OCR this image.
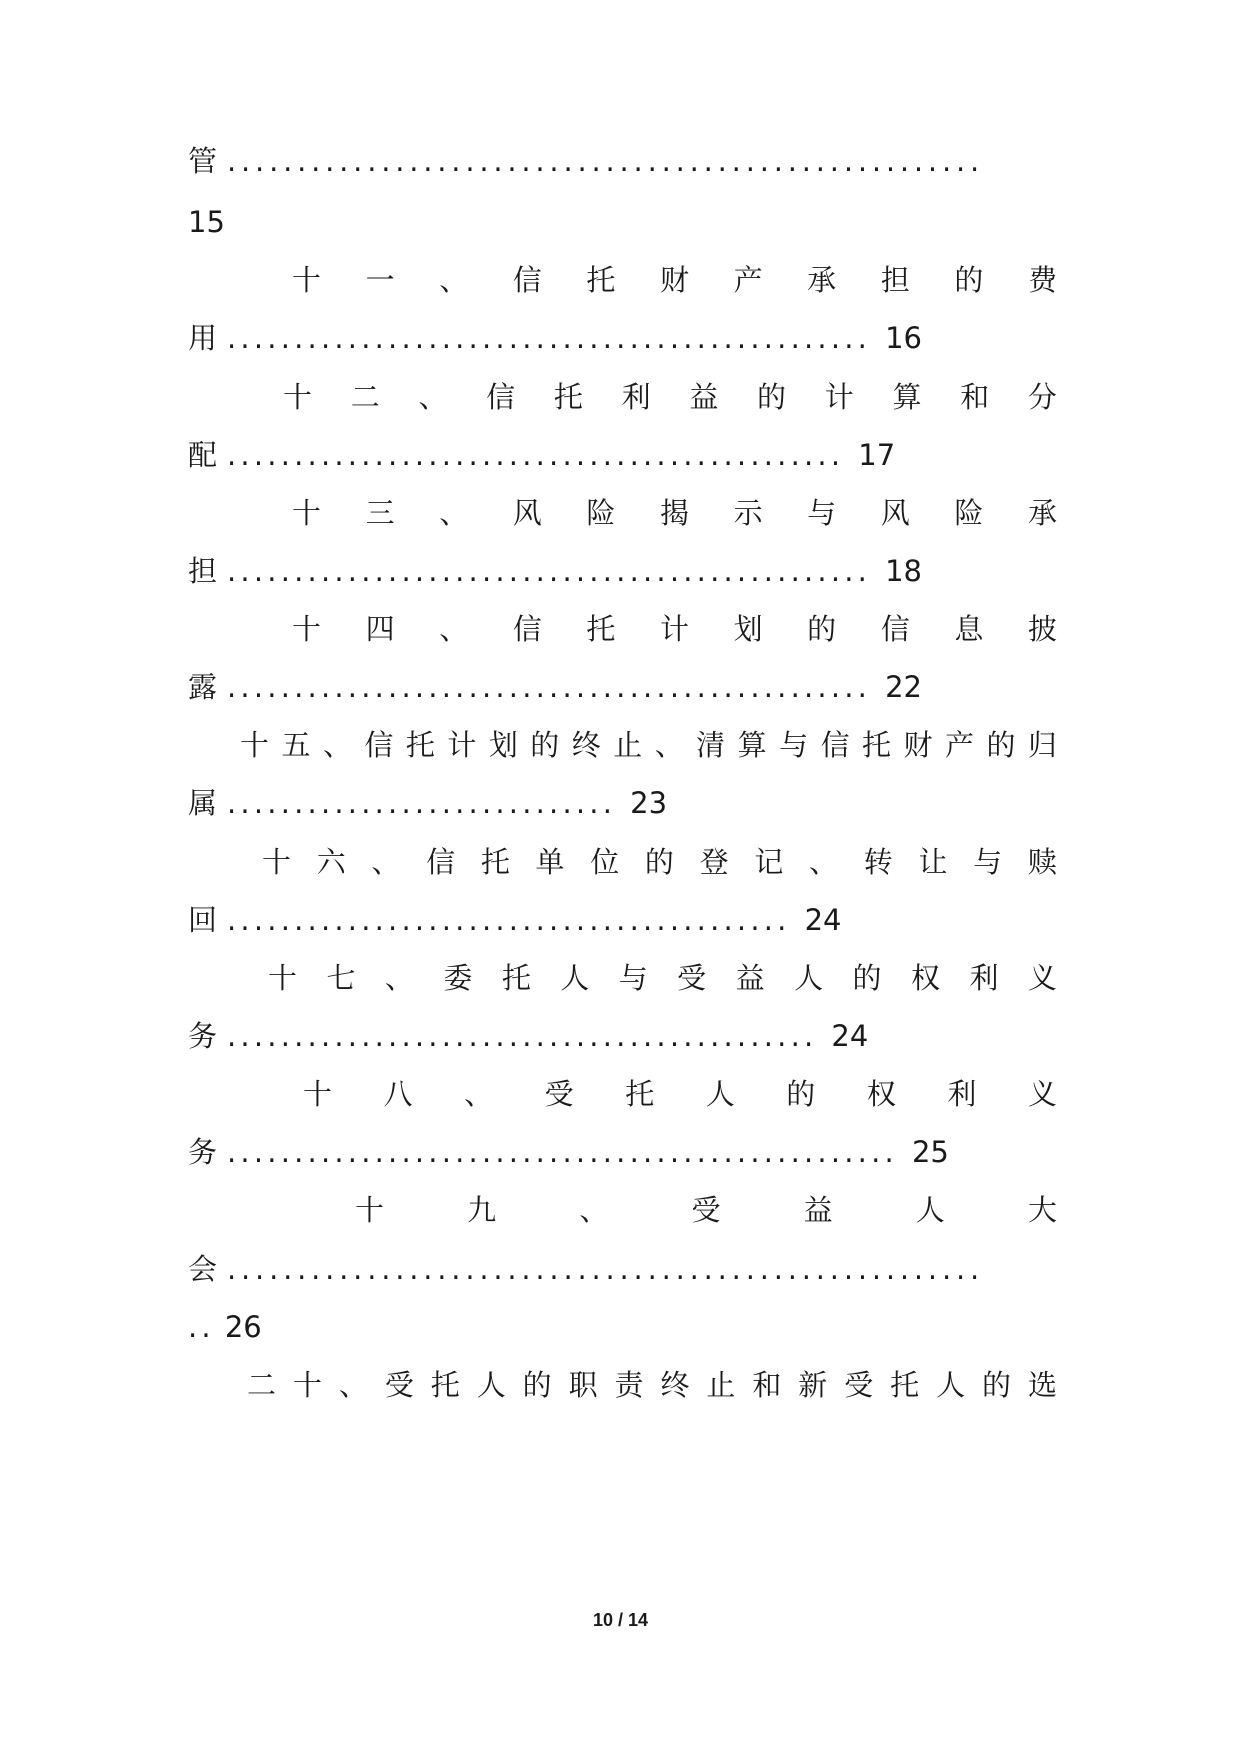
管 ......................................................
15
十 一 、 信 托 财 产 承 担 的 费
用 ................................................ 16
十 二 、 信 托 利 益 的 计 算 和 分
配 .............................................. 17
十 三 、 风 险 揭 示 与 风 险 承
担 ................................................ 18
十 四 、 信 托 计 划 的 信 息 披
露 ................................................ 22
十 五 、 信 托 计 划 的 终 止 、 清 算 与 信 托 财 产 的 归
属 ............................. 23
十 六 、 信 托 单 位 的 登 记 、 转 让 与 赎
回 .......................................... 24
十 七 、 委 托 人 与 受 益 人 的 权 利 义
务 ............................................ 24
十 八 、 受 托 人 的 权 利 义
务 .................................................. 25
十	九	、	受	益	人	大
会 ......................................................
.. 26
二 十 、 受 托 人 的 职 责 终 止 和 新 受 托 人 的 选
10 / 14
